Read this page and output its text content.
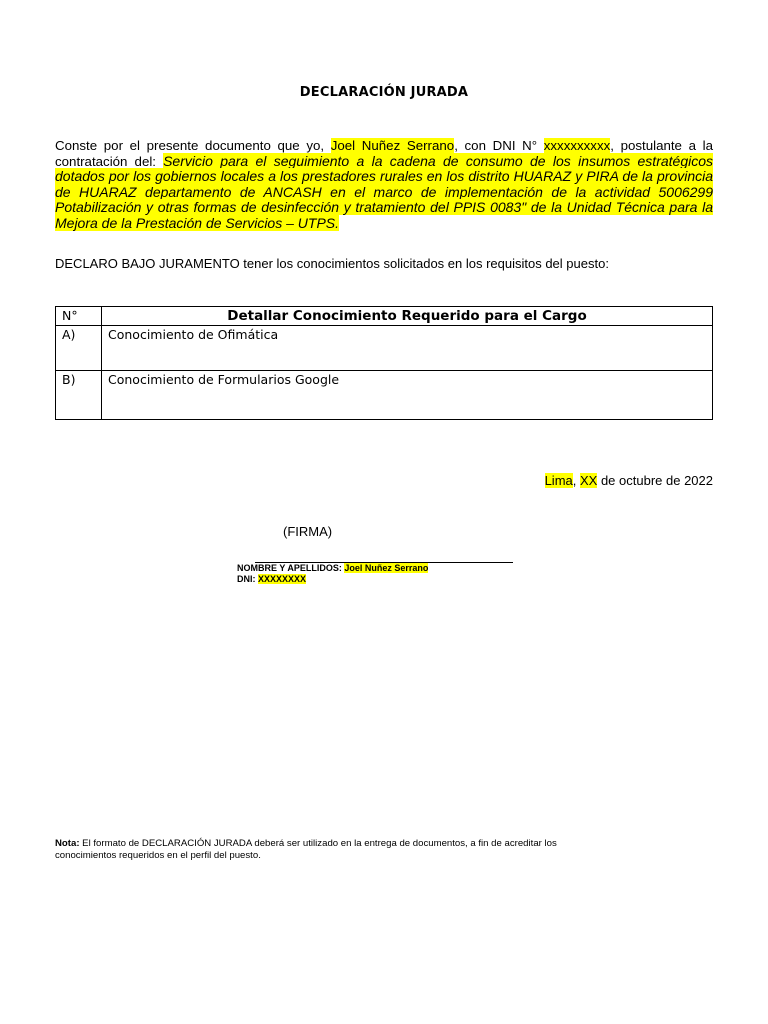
DECLARACIÓN JURADA
Conste por el presente documento que yo, Joel Nuñez Serrano, con DNI N° xxxxxxxxxx, postulante a la contratación del: Servicio para el seguimiento a la cadena de consumo de los insumos estratégicos dotados por los gobiernos locales a los prestadores rurales en los distrito HUARAZ y PIRA de la provincia de HUARAZ departamento de ANCASH en el marco de implementación de la actividad 5006299 Potabilización y otras formas de desinfección y tratamiento del PPIS 0083" de la Unidad Técnica para la Mejora de la Prestación de Servicios – UTPS.
DECLARO BAJO JURAMENTO tener los conocimientos solicitados en los requisitos del puesto:
N°	Detallar Conocimiento Requerido para el Cargo
A)	Conocimiento de Ofimática
B)	Conocimiento de Formularios Google
Lima, XX de octubre de 2022
(FIRMA)
NOMBRE Y APELLIDOS: Joel Nuñez Serrano
DNI: XXXXXXXX
Nota: El formato de DECLARACIÓN JURADA deberá ser utilizado en la entrega de documentos, a fin de acreditar los conocimientos requeridos en el perfil del puesto.
